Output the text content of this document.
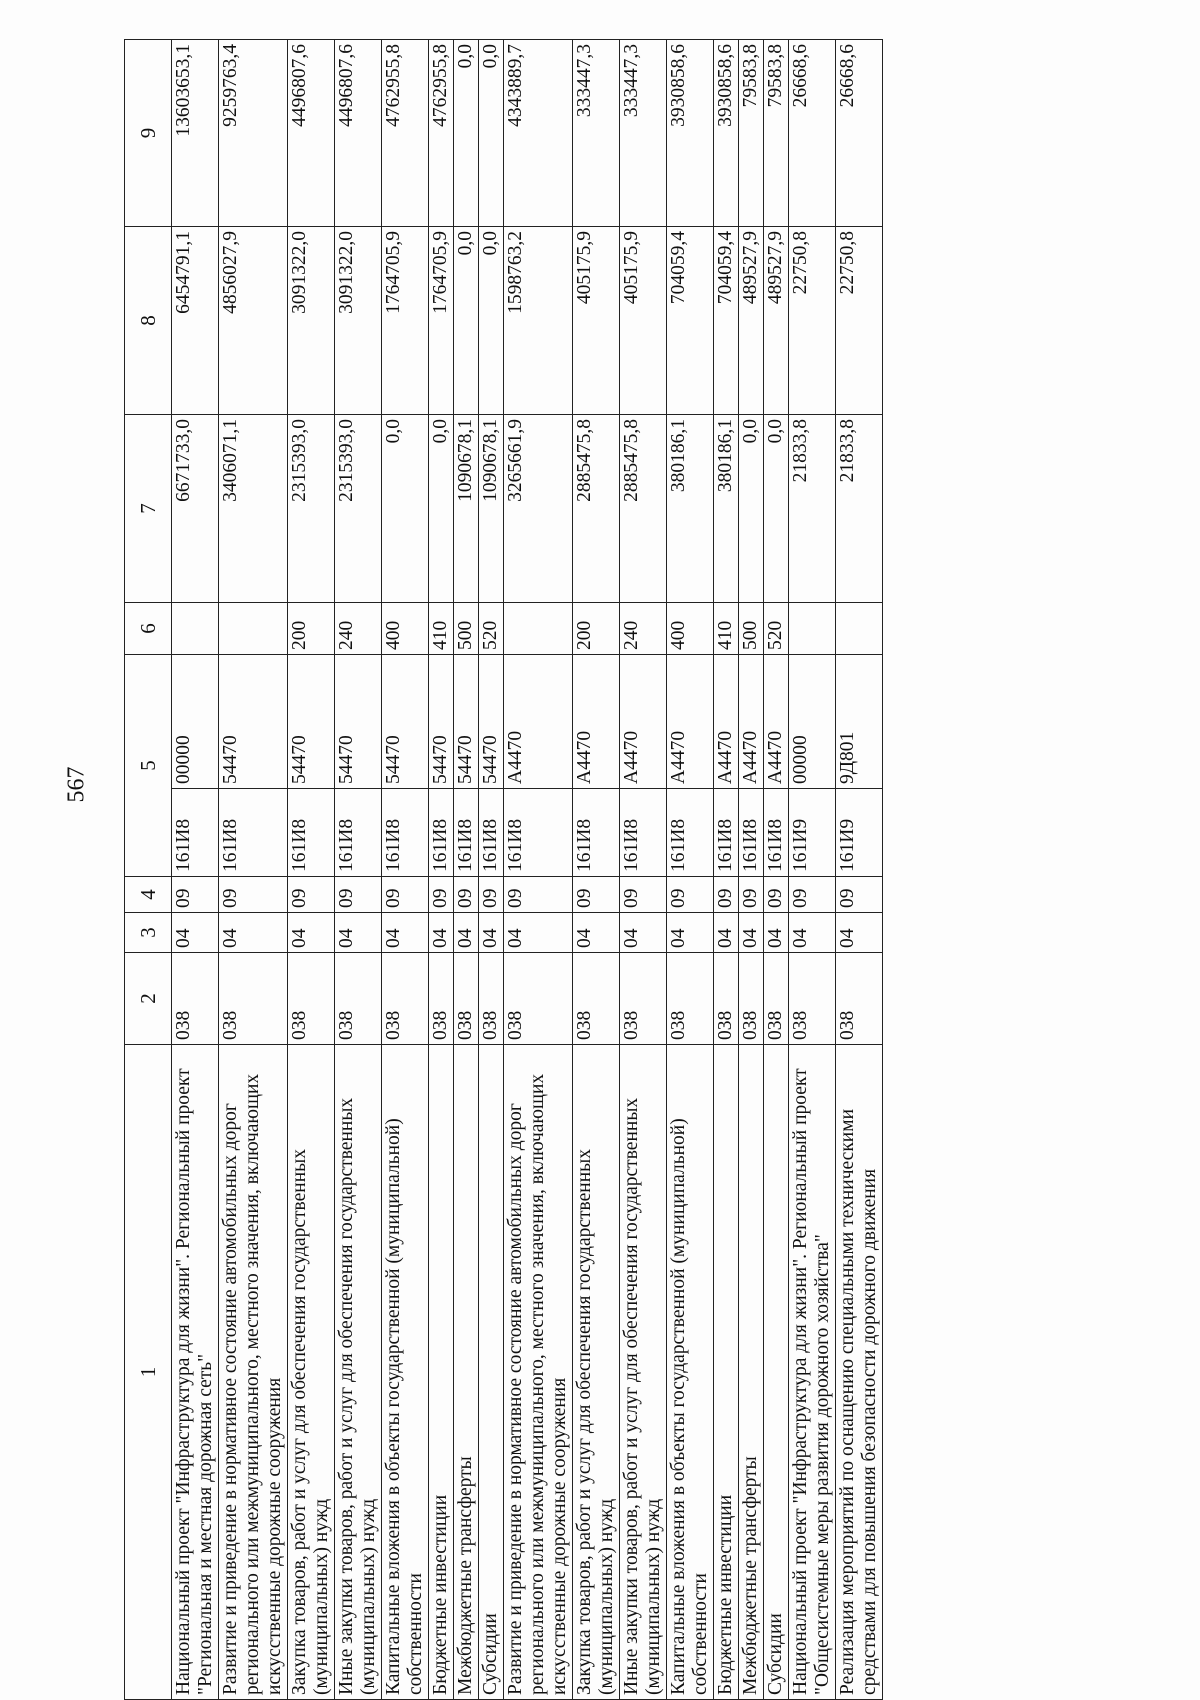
567
1	2	3	4	5		6	7	8	9
Национальный проект "Инфраструктура для жизни". Региональный проект "Региональная и местная дорожная сеть"	038	04	09	161И8	00000		6671733,0	6454791,1	13603653,1
Развитие и приведение в нормативное состояние автомобильных дорог регионального или межмуниципального, местного значения, включающих искусственные дорожные сооружения	038	04	09	161И8	54470		3406071,1	4856027,9	9259763,4
Закупка товаров, работ и услуг для обеспечения государственных (муниципальных) нужд	038	04	09	161И8	54470	200	2315393,0	3091322,0	4496807,6
Иные закупки товаров, работ и услуг для обеспечения государственных (муниципальных) нужд	038	04	09	161И8	54470	240	2315393,0	3091322,0	4496807,6
Капитальные вложения в объекты государственной (муниципальной) собственности	038	04	09	161И8	54470	400	0,0	1764705,9	4762955,8
Бюджетные инвестиции	038	04	09	161И8	54470	410	0,0	1764705,9	4762955,8
Межбюджетные трансферты	038	04	09	161И8	54470	500	1090678,1	0,0	0,0
Субсидии	038	04	09	161И8	54470	520	1090678,1	0,0	0,0
Развитие и приведение в нормативное состояние автомобильных дорог регионального или межмуниципального, местного значения, включающих искусственные дорожные сооружения	038	04	09	161И8	А4470		3265661,9	1598763,2	4343889,7
Закупка товаров, работ и услуг для обеспечения государственных (муниципальных) нужд	038	04	09	161И8	А4470	200	2885475,8	405175,9	333447,3
Иные закупки товаров, работ и услуг для обеспечения государственных (муниципальных) нужд	038	04	09	161И8	А4470	240	2885475,8	405175,9	333447,3
Капитальные вложения в объекты государственной (муниципальной) собственности	038	04	09	161И8	А4470	400	380186,1	704059,4	3930858,6
Бюджетные инвестиции	038	04	09	161И8	А4470	410	380186,1	704059,4	3930858,6
Межбюджетные трансферты	038	04	09	161И8	А4470	500	0,0	489527,9	79583,8
Субсидии	038	04	09	161И8	А4470	520	0,0	489527,9	79583,8
Национальный проект "Инфраструктура для жизни". Региональный проект "Общесистемные меры развития дорожного хозяйства"	038	04	09	161И9	00000		21833,8	22750,8	26668,6
Реализация мероприятий по оснащению специальными техническими средствами для повышения безопасности дорожного движения	038	04	09	161И9	9Д801		21833,8	22750,8	26668,6
